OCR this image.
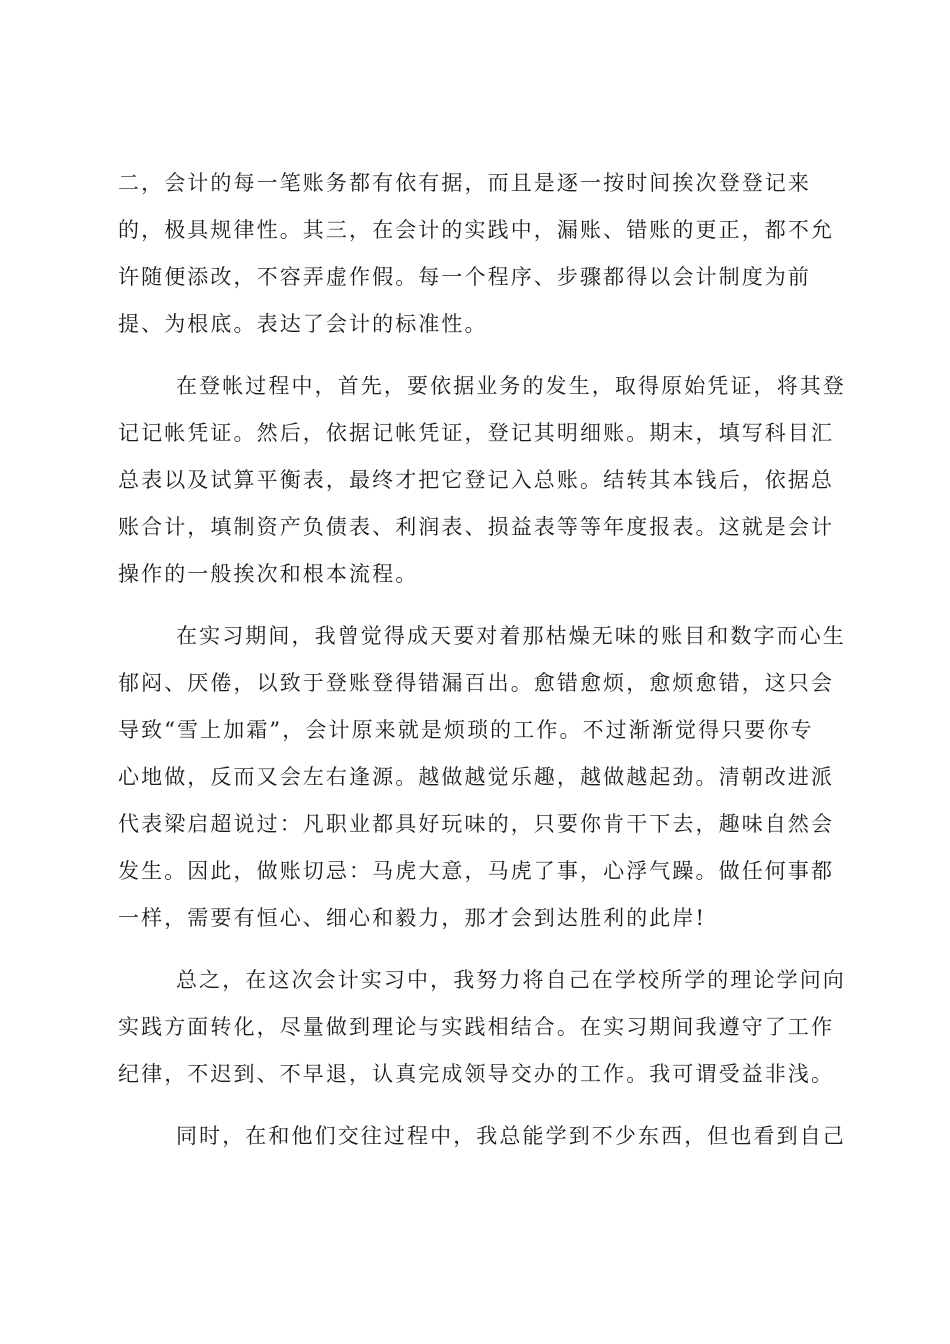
二，会计的每一笔账务都有依有据，而且是逐一按时间挨次登登记来
的，极具规律性。其三，在会计的实践中，漏账、错账的更正，都不允
许随便添改，不容弄虚作假。每一个程序、步骤都得以会计制度为前
提、为根底。表达了会计的标准性。
在登帐过程中，首先，要依据业务的发生，取得原始凭证，将其登
记记帐凭证。然后，依据记帐凭证，登记其明细账。期末，填写科目汇
总表以及试算平衡表，最终才把它登记入总账。结转其本钱后，依据总
账合计，填制资产负债表、利润表、损益表等等年度报表。这就是会计
操作的一般挨次和根本流程。
在实习期间，我曾觉得成天要对着那枯燥无味的账目和数字而心生
郁闷、厌倦，以致于登账登得错漏百出。愈错愈烦，愈烦愈错，这只会
导致“雪上加霜”，会计原来就是烦琐的工作。不过渐渐觉得只要你专
心地做，反而又会左右逢源。越做越觉乐趣，越做越起劲。清朝改进派
代表梁启超说过：凡职业都具好玩味的，只要你肯干下去，趣味自然会
发生。因此，做账切忌：马虎大意，马虎了事，心浮气躁。做任何事都
一样，需要有恒心、细心和毅力，那才会到达胜利的此岸!
总之，在这次会计实习中，我努力将自己在学校所学的理论学问向
实践方面转化，尽量做到理论与实践相结合。在实习期间我遵守了工作
纪律，不迟到、不早退，认真完成领导交办的工作。我可谓受益非浅。
同时，在和他们交往过程中，我总能学到不少东西，但也看到自己
